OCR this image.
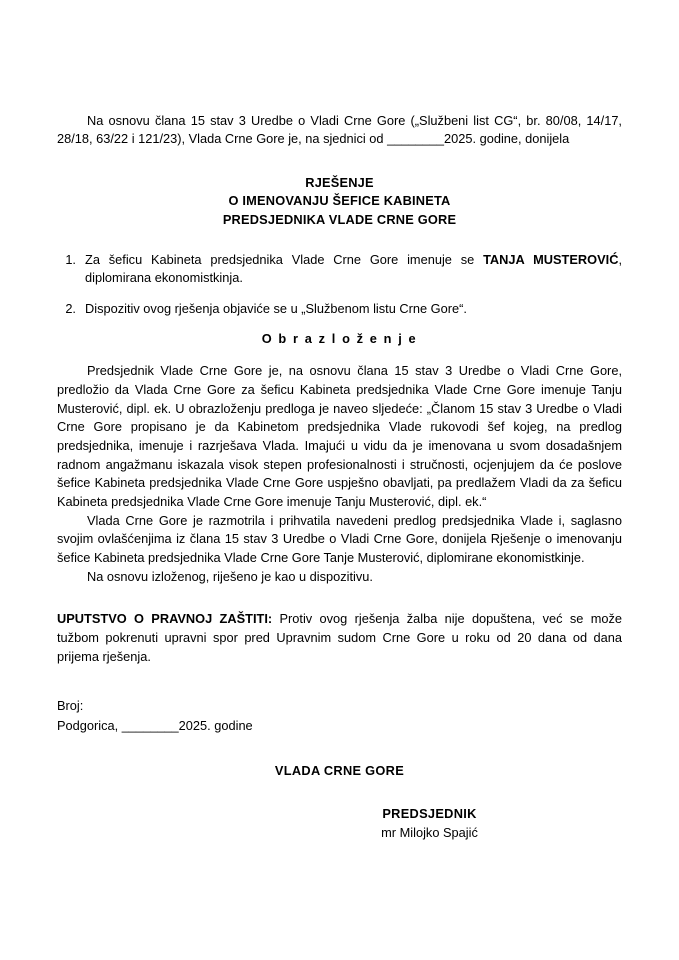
Na osnovu člana 15 stav 3 Uredbe o Vladi Crne Gore („Službeni list CG“, br. 80/08, 14/17, 28/18, 63/22 i 121/23), Vlada Crne Gore je, na sjednici od ________2025. godine, donijela

RJEŠENJE
O IMENOVANJU ŠEFICE KABINETA
PREDSJEDNIKA VLADE CRNE GORE
1. Za šeficu Kabineta predsjednika Vlade Crne Gore imenuje se TANJA MUSTEROVIĆ, diplomirana ekonomistkinja.
2. Dispozitiv ovog rješenja objaviće se u „Službenom listu Crne Gore“.
O b r a z l o ž e n j e

Predsjednik Vlade Crne Gore je, na osnovu člana 15 stav 3 Uredbe o Vladi Crne Gore, predložio da Vlada Crne Gore za šeficu Kabineta predsjednika Vlade Crne Gore imenuje Tanju Musterović, dipl. ek. U obrazloženju predloga je naveo sljedeće: „Članom 15 stav 3 Uredbe o Vladi Crne Gore propisano je da Kabinetom predsjednika Vlade rukovodi šef kojeg, na predlog predsjednika, imenuje i razrješava Vlada. Imajući u vidu da je imenovana u svom dosadašnjem radnom angažmanu iskazala visok stepen profesionalnosti i stručnosti, ocjenjujem da će poslove šefice Kabineta predsjednika Vlade Crne Gore uspješno obavljati, pa predlažem Vladi da za šeficu Kabineta predsjednika Vlade Crne Gore imenuje Tanju Musterović, dipl. ek.“

Vlada Crne Gore je razmotrila i prihvatila navedeni predlog predsjednika Vlade i, saglasno svojim ovlašćenjima iz člana 15 stav 3 Uredbe o Vladi Crne Gore, donijela Rješenje o imenovanju šefice Kabineta predsjednika Vlade Crne Gore Tanje Musterović, diplomirane ekonomistkinje.

Na osnovu izloženog, riješeno je kao u dispozitivu.

UPUTSTVO O PRAVNOJ ZAŠTITI: Protiv ovog rješenja žalba nije dopuštena, već se može tužbom pokrenuti upravni spor pred Upravnim sudom Crne Gore u roku od 20 dana od dana prijema rješenja.
Broj:
Podgorica, ________2025. godine
VLADA CRNE GORE
PREDSJEDNIK
mr Milojko Spajić
